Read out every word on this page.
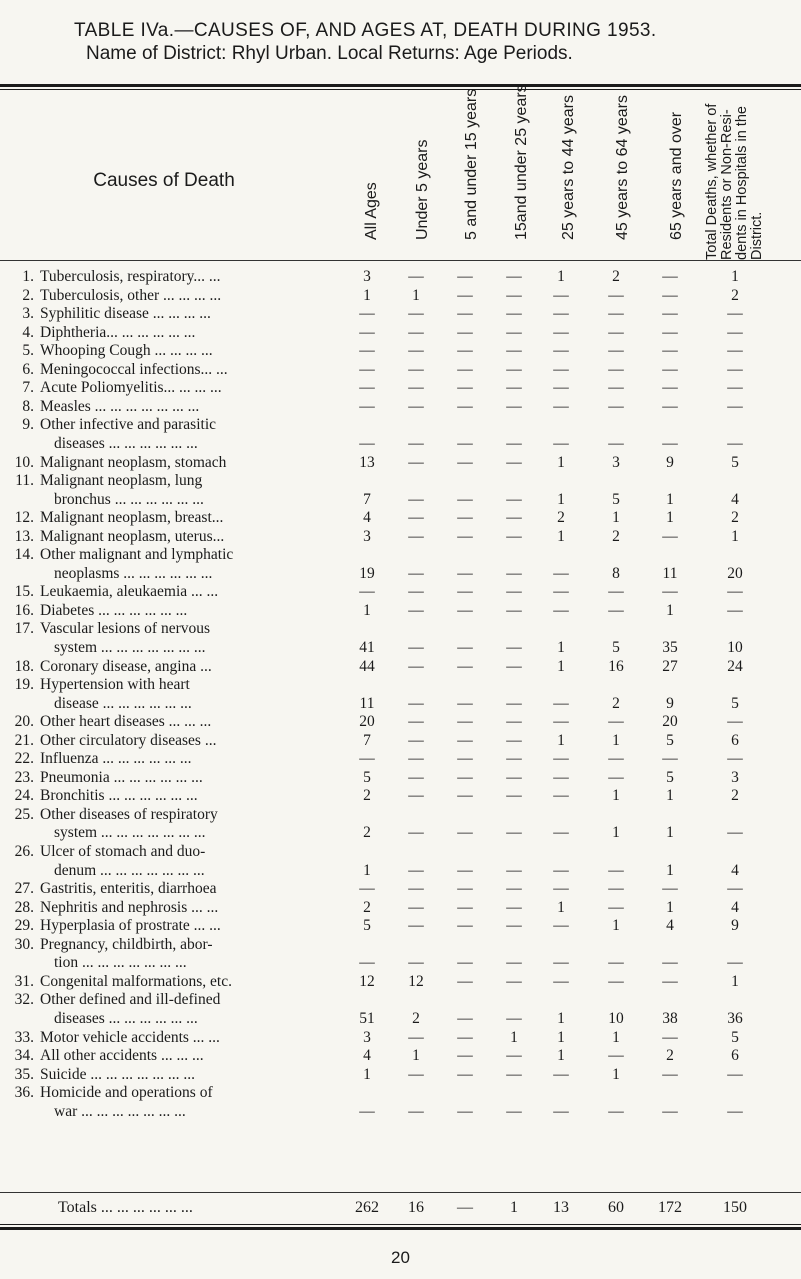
TABLE IVa.—CAUSES OF, AND AGES AT, DEATH DURING 1953.
Name of District: Rhyl Urban. Local Returns: Age Periods.
Causes of Death
All Ages Under 5 years 5 and under 15 years 15and under 25 years 25 years to 44 years 45 years to 64 years 65 years and over Total Deaths, whether of Residents or Non-Resi- dents in Hospitals in the District.
1. Tuberculosis, respiratory... ...	3	—	—	—	1	2	—	1
2. Tuberculosis, other ... ... ... ...	1	1	—	—	—	—	—	2
3. Syphilitic disease ... ... ... ...	—	—	—	—	—	—	—	—
4. Diphtheria... ... ... ... ... ...	—	—	—	—	—	—	—	—
5. Whooping Cough ... ... ... ...	—	—	—	—	—	—	—	—
6. Meningococcal infections... ...	—	—	—	—	—	—	—	—
7. Acute Poliomyelitis... ... ... ...	—	—	—	—	—	—	—	—
8. Measles ... ... ... ... ... ... ...	—	—	—	—	—	—	—	—
9. Other infective and parasitic
diseases ... ... ... ... ... ...	—	—	—	—	—	—	—	—
10. Malignant neoplasm, stomach	13	—	—	—	1	3	9	5
11. Malignant neoplasm, lung
bronchus ... ... ... ... ... ...	7	—	—	—	1	5	1	4
12. Malignant neoplasm, breast...	4	—	—	—	2	1	1	2
13. Malignant neoplasm, uterus...	3	—	—	—	1	2	—	1
14. Other malignant and lymphatic
neoplasms ... ... ... ... ... ...	19	—	—	—	—	8	11	20
15. Leukaemia, aleukaemia ... ...	—	—	—	—	—	—	—	—
16. Diabetes ... ... ... ... ... ...	1	—	—	—	—	—	1	—
17. Vascular lesions of nervous
system ... ... ... ... ... ... ...	41	—	—	—	1	5	35	10
18. Coronary disease, angina ...	44	—	—	—	1	16	27	24
19. Hypertension with heart
disease ... ... ... ... ... ...	11	—	—	—	—	2	9	5
20. Other heart diseases ... ... ...	20	—	—	—	—	—	20	—
21. Other circulatory diseases ...	7	—	—	—	1	1	5	6
22. Influenza ... ... ... ... ... ...	—	—	—	—	—	—	—	—
23. Pneumonia ... ... ... ... ... ...	5	—	—	—	—	—	5	3
24. Bronchitis ... ... ... ... ... ...	2	—	—	—	—	1	1	2
25. Other diseases of respiratory
system ... ... ... ... ... ... ...	2	—	—	—	—	1	1	—
26. Ulcer of stomach and duo-
denum ... ... ... ... ... ... ...	1	—	—	—	—	—	1	4
27. Gastritis, enteritis, diarrhoea	—	—	—	—	—	—	—	—
28. Nephritis and nephrosis ... ...	2	—	—	—	1	—	1	4
29. Hyperplasia of prostrate ... ...	5	—	—	—	—	1	4	9
30. Pregnancy, childbirth, abor-
tion ... ... ... ... ... ... ...	—	—	—	—	—	—	—	—
31. Congenital malformations, etc.	12	12	—	—	—	—	—	1
32. Other defined and ill-defined
diseases ... ... ... ... ... ...	51	2	—	—	1	10	38	36
33. Motor vehicle accidents ... ...	3	—	—	1	1	1	—	5
34. All other accidents ... ... ...	4	1	—	—	1	—	2	6
35. Suicide ... ... ... ... ... ... ...	1	—	—	—	—	1	—	—
36. Homicide and operations of
war ... ... ... ... ... ... ...	—	—	—	—	—	—	—	—
Totals ... ... ... ... ... ...	262	16	—	1	13	60	172	150
20
